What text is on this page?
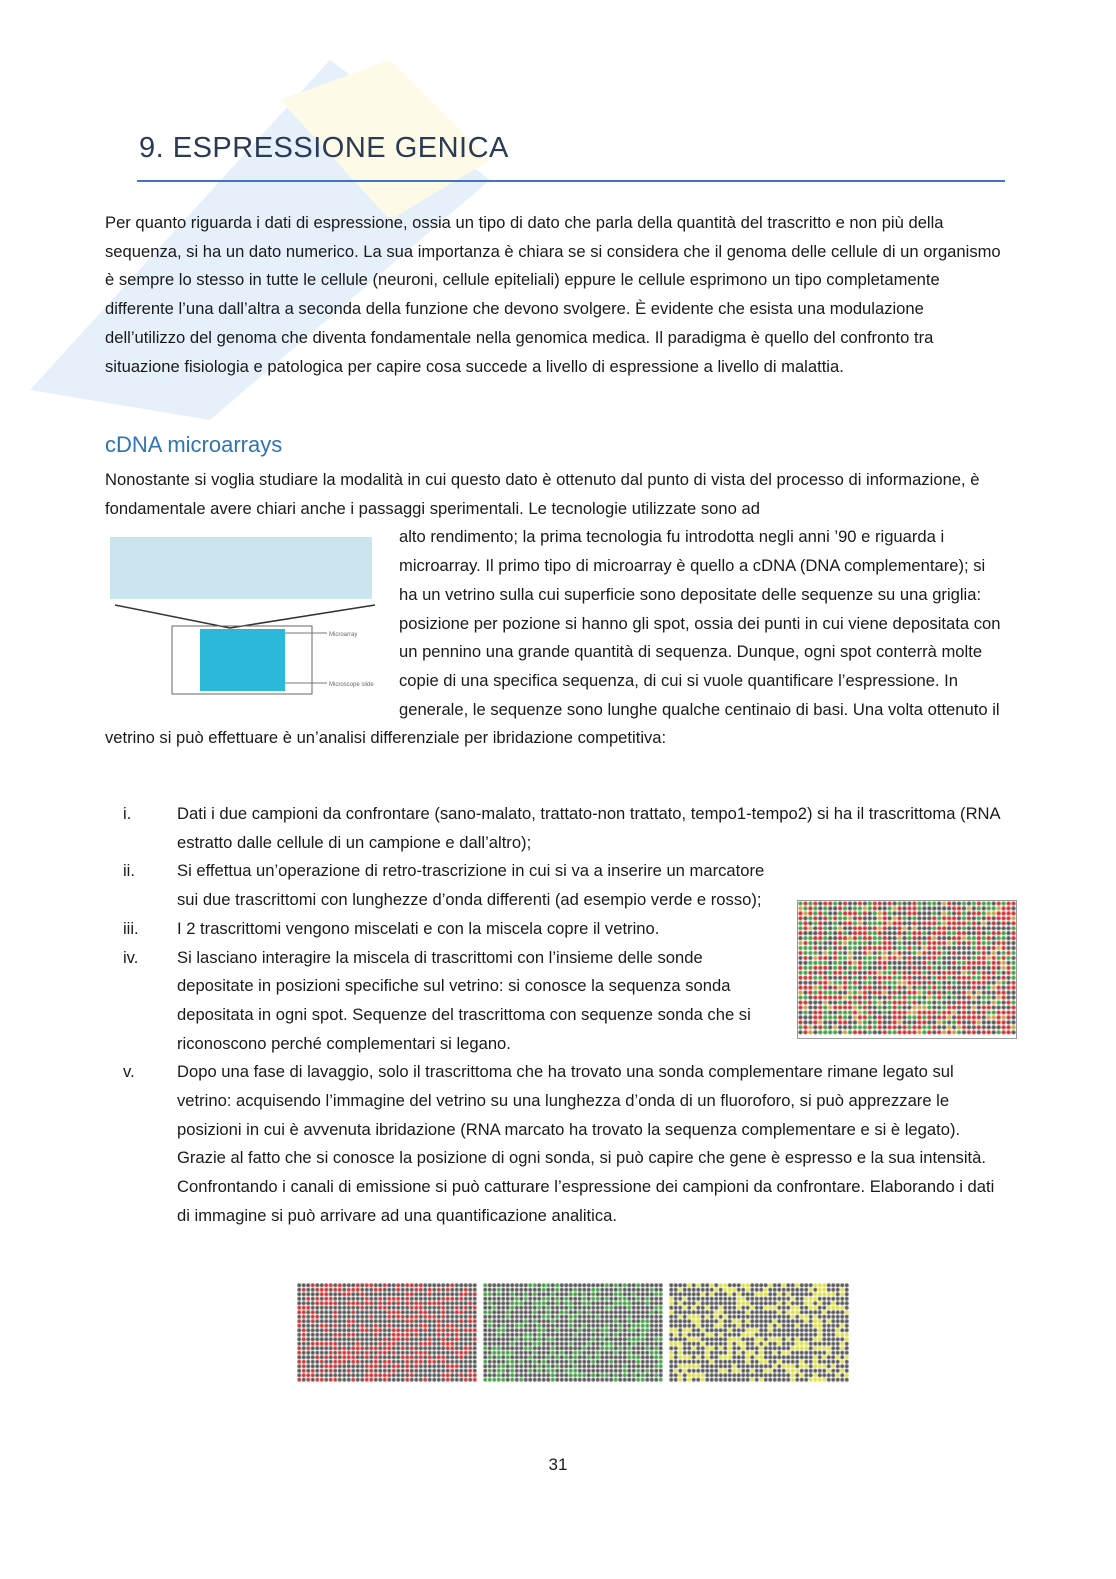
9. ESPRESSIONE GENICA
Per quanto riguarda i dati di espressione, ossia un tipo di dato che parla della quantità del trascritto e non più della sequenza, si ha un dato numerico. La sua importanza è chiara se si considera che il genoma delle cellule di un organismo è sempre lo stesso in tutte le cellule (neuroni, cellule epiteliali) eppure le cellule esprimono un tipo completamente differente l’una dall’altra a seconda della funzione che devono svolgere. È evidente che esista una modulazione dell’utilizzo del genoma che diventa fondamentale nella genomica medica. Il paradigma è quello del confronto tra situazione fisiologia e patologica per capire cosa succede a livello di espressione a livello di malattia.
cDNA microarrays
Nonostante si voglia studiare la modalità in cui questo dato è ottenuto dal punto di vista del processo di informazione, è fondamentale avere chiari anche i passaggi sperimentali. Le tecnologie utilizzate sono ad
Microarray
Microscope slide
alto rendimento; la prima tecnologia fu introdotta negli anni ’90 e riguarda i microarray. Il primo tipo di microarray è quello a cDNA (DNA complementare); si ha un vetrino sulla cui superficie sono depositate delle sequenze su una griglia: posizione per pozione si hanno gli spot, ossia dei punti in cui viene depositata con un pennino una grande quantità di sequenza. Dunque, ogni spot conterrà molte copie di una specifica sequenza, di cui si vuole quantificare l’espressione. In generale, le sequenze sono lunghe qualche centinaio di basi. Una volta ottenuto il vetrino si può effettuare è un’analisi differenziale per ibridazione competitiva:
i.	Dati i due campioni da confrontare (sano-malato, trattato-non trattato, tempo1-tempo2) si ha il trascrittoma (RNA estratto dalle cellule di un campione e dall’altro);
ii.	Si effettua un’operazione di retro-trascrizione in cui si va a inserire un marcatore sui due trascrittomi con lunghezze d’onda differenti (ad esempio verde e rosso);
iii.	I 2 trascrittomi vengono miscelati e con la miscela copre il vetrino.
iv.	Si lasciano interagire la miscela di trascrittomi con l’insieme delle sonde depositate in posizioni specifiche sul vetrino: si conosce la sequenza sonda depositata in ogni spot. Sequenze del trascrittoma con sequenze sonda che si riconoscono perché complementari si legano.
v.	Dopo una fase di lavaggio, solo il trascrittoma che ha trovato una sonda complementare rimane legato sul vetrino: acquisendo l’immagine del vetrino su una lunghezza d’onda di un fluoroforo, si può apprezzare le posizioni in cui è avvenuta ibridazione (RNA marcato ha trovato la sequenza complementare e si è legato). Grazie al fatto che si conosce la posizione di ogni sonda, si può capire che gene è espresso e la sua intensità. Confrontando i canali di emissione si può catturare l’espressione dei campioni da confrontare. Elaborando i dati di immagine si può arrivare ad una quantificazione analitica.
31
